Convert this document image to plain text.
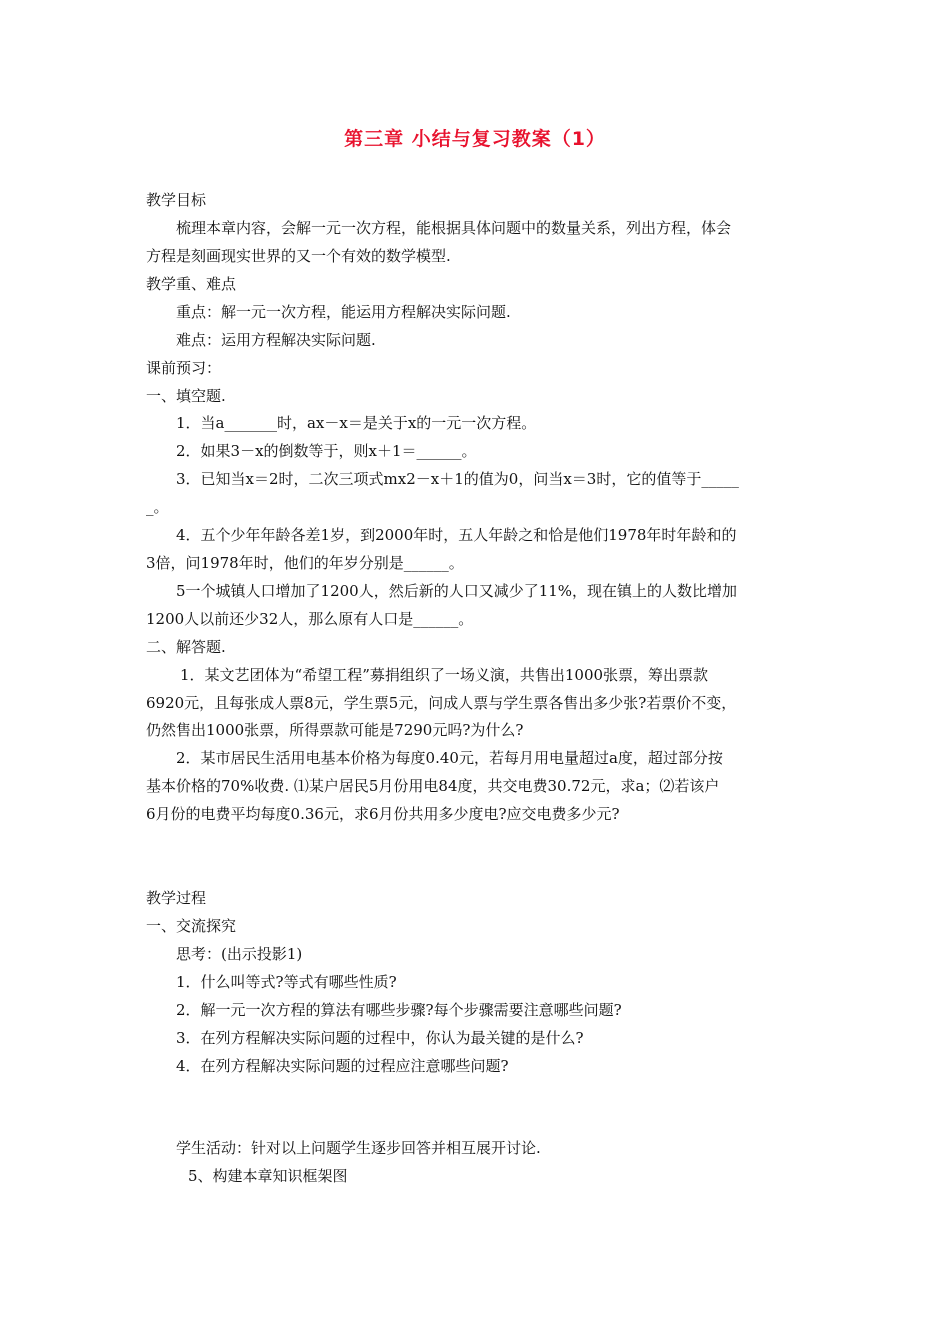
第三章 小结与复习教案（1）
教学目标
梳理本章内容，会解一元一次方程，能根据具体问题中的数量关系，列出方程，体会
方程是刻画现实世界的又一个有效的数学模型.
教学重、难点
重点：解一元一次方程，能运用方程解决实际问题.
难点：运用方程解决实际问题.
课前预习：
一、填空题.
1．当a_______时，ax－x＝是关于x的一元一次方程。
2．如果3－x的倒数等于，则x＋1＝______。
3．已知当x＝2时，二次三项式mx2－x＋1的值为0，问当x＝3时，它的值等于_____
_。
4．五个少年年龄各差1岁，到2000年时，五人年龄之和恰是他们1978年时年龄和的
3倍，问1978年时，他们的年岁分别是______。
5一个城镇人口增加了1200人，然后新的人口又减少了11%，现在镇上的人数比增加
1200人以前还少32人，那么原有人口是______。
二、解答题.
1．某文艺团体为“希望工程”募捐组织了一场义演，共售出1000张票，筹出票款
6920元，且每张成人票8元，学生票5元，问成人票与学生票各售出多少张?若票价不变，
仍然售出1000张票，所得票款可能是7290元吗?为什么?
2．某市居民生活用电基本价格为每度0.40元，若每月用电量超过a度，超过部分按
基本价格的70%收费. ⑴某户居民5月份用电84度，共交电费30.72元，求a；⑵若该户
6月份的电费平均每度0.36元，求6月份共用多少度电?应交电费多少元?
教学过程
一、交流探究
思考：(出示投影1)
1．什么叫等式?等式有哪些性质?
2．解一元一次方程的算法有哪些步骤?每个步骤需要注意哪些问题?
3．在列方程解决实际问题的过程中，你认为最关键的是什么?
4．在列方程解决实际问题的过程应注意哪些问题?
学生活动：针对以上问题学生逐步回答并相互展开讨论.
5、构建本章知识框架图
